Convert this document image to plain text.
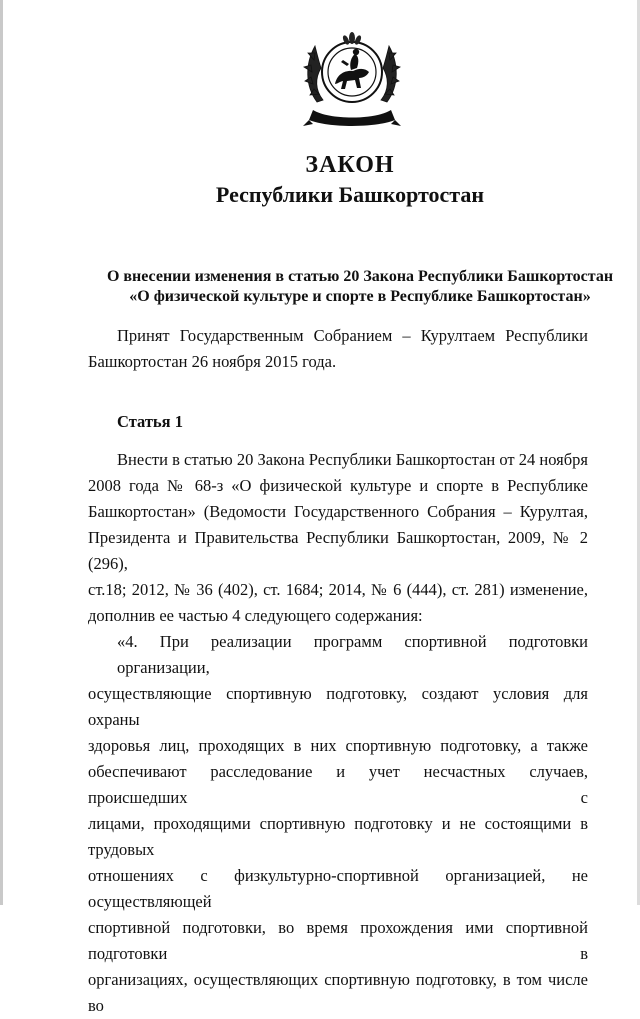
ЗАКОН
Республики Башкортостан
О внесении изменения в статью 20 Закона Республики Башкортостан
«О физической культуре и спорте в Республике Башкортостан»
Принят Государственным Собранием – Курултаем Республики
Башкортостан 26 ноября 2015 года.
Статья 1

Внести в статью 20 Закона Республики Башкортостан от 24 ноября
2008 года № 68-з «О физической культуре и спорте в Республике
Башкортостан» (Ведомости Государственного Собрания – Курултая,
Президента и Правительства Республики Башкортостан, 2009, № 2 (296),
ст.18; 2012, № 36 (402), ст. 1684; 2014, № 6 (444), ст. 281) изменение,
дополнив ее частью 4 следующего содержания:

«4. При реализации программ спортивной подготовки организации,
осуществляющие спортивную подготовку, создают условия для охраны
здоровья лиц, проходящих в них спортивную подготовку, а также
обеспечивают расследование и учет несчастных случаев, происшедших с
лицами, проходящими спортивную подготовку и не состоящими в трудовых
отношениях с физкультурно-спортивной организацией, не осуществляющей
спортивной подготовки, во время прохождения ими спортивной подготовки в
организациях, осуществляющих спортивную подготовку, в том числе во
